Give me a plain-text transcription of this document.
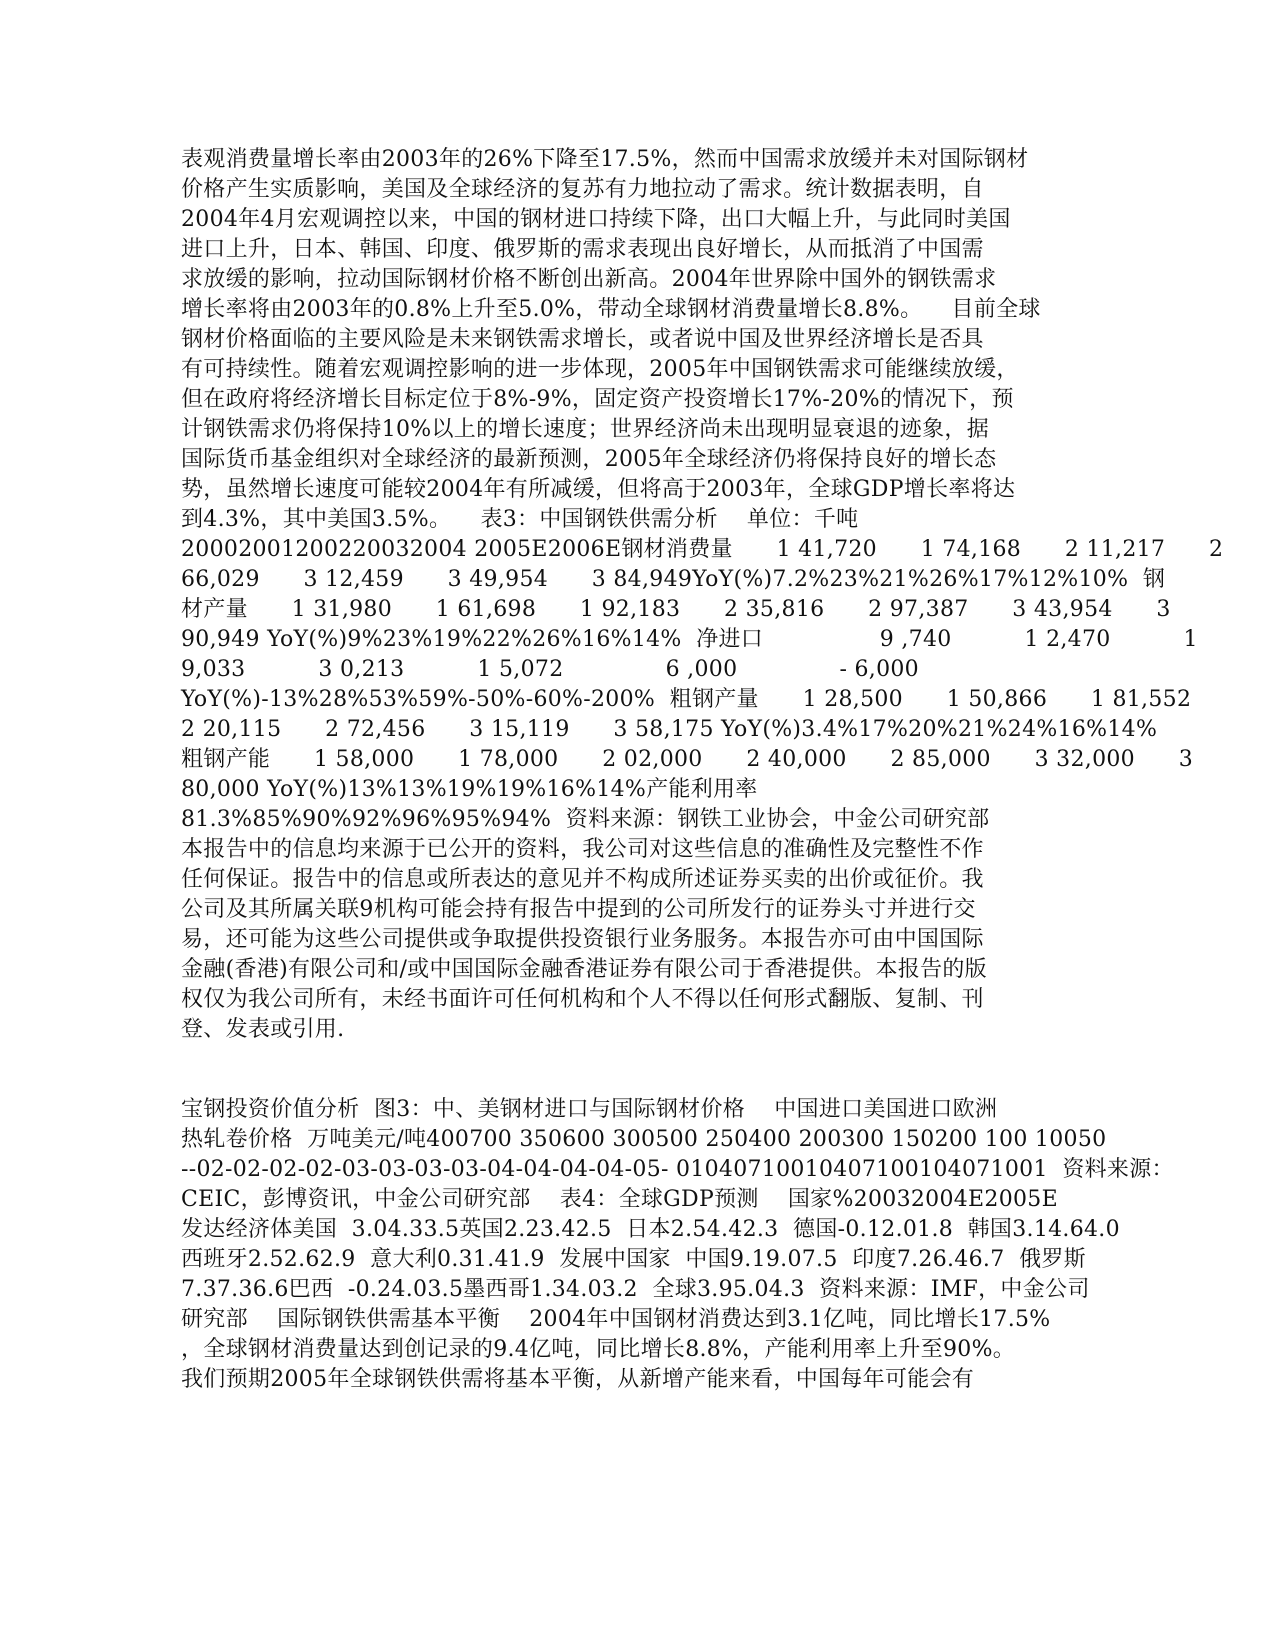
表观消费量增长率由2003年的26%下降至17.5%，然而中国需求放缓并未对国际钢材
价格产生实质影响，美国及全球经济的复苏有力地拉动了需求。统计数据表明，自
2004年4月宏观调控以来，中国的钢材进口持续下降，出口大幅上升，与此同时美国
进口上升，日本、韩国、印度、俄罗斯的需求表现出良好增长，从而抵消了中国需
求放缓的影响，拉动国际钢材价格不断创出新高。2004年世界除中国外的钢铁需求
增长率将由2003年的0.8%上升至5.0%，带动全球钢材消费量增长8.8%。    目前全球
钢材价格面临的主要风险是未来钢铁需求增长，或者说中国及世界经济增长是否具
有可持续性。随着宏观调控影响的进一步体现，2005年中国钢铁需求可能继续放缓，
但在政府将经济增长目标定位于8%-9%，固定资产投资增长17%-20%的情况下，预
计钢铁需求仍将保持10%以上的增长速度；世界经济尚未出现明显衰退的迹象，据
国际货币基金组织对全球经济的最新预测，2005年全球经济仍将保持良好的增长态
势，虽然增长速度可能较2004年有所减缓，但将高于2003年，全球GDP增长率将达
到4.3%，其中美国3.5%。    表3：中国钢铁供需分析    单位：千吨
20002001200220032004 2005E2006E钢材消费量      1 41,720      1 74,168      2 11,217      2
66,029      3 12,459      3 49,954      3 84,949YoY(%)7.2%23%21%26%17%12%10%  钢
材产量      1 31,980      1 61,698      1 92,183      2 35,816      2 97,387      3 43,954      3
90,949 YoY(%)9%23%19%22%26%16%14%  净进口                9 ,740          1 2,470          1
9,033          3 0,213          1 5,072              6 ,000              - 6,000
YoY(%)-13%28%53%59%-50%-60%-200%  粗钢产量      1 28,500      1 50,866      1 81,552
2 20,115      2 72,456      3 15,119      3 58,175 YoY(%)3.4%17%20%21%24%16%14%
粗钢产能      1 58,000      1 78,000      2 02,000      2 40,000      2 85,000      3 32,000      3
80,000 YoY(%)13%13%19%19%16%14%产能利用率
81.3%85%90%92%96%95%94%  资料来源：钢铁工业协会，中金公司研究部
本报告中的信息均来源于已公开的资料，我公司对这些信息的准确性及完整性不作
任何保证。报告中的信息或所表达的意见并不构成所述证券买卖的出价或征价。我
公司及其所属关联9机构可能会持有报告中提到的公司所发行的证券头寸并进行交
易，还可能为这些公司提供或争取提供投资银行业务服务。本报告亦可由中国国际
金融(香港)有限公司和/或中国国际金融香港证券有限公司于香港提供。本报告的版
权仅为我公司所有，未经书面许可任何机构和个人不得以任何形式翻版、复制、刊
登、发表或引用.
宝钢投资价值分析  图3：中、美钢材进口与国际钢材价格    中国进口美国进口欧洲
热轧卷价格  万吨美元/吨400700 350600 300500 250400 200300 150200 100 10050
--02-02-02-02-03-03-03-03-04-04-04-04-05- 01040710010407100104071001  资料来源：
CEIC，彭博资讯，中金公司研究部    表4：全球GDP预测    国家%20032004E2005E
发达经济体美国  3.04.33.5英国2.23.42.5  日本2.54.42.3  德国-0.12.01.8  韩国3.14.64.0
西班牙2.52.62.9  意大利0.31.41.9  发展中国家  中国9.19.07.5  印度7.26.46.7  俄罗斯
7.37.36.6巴西  -0.24.03.5墨西哥1.34.03.2  全球3.95.04.3  资料来源：IMF，中金公司
研究部    国际钢铁供需基本平衡    2004年中国钢材消费达到3.1亿吨，同比增长17.5%
，全球钢材消费量达到创记录的9.4亿吨，同比增长8.8%，产能利用率上升至90%。
我们预期2005年全球钢铁供需将基本平衡，从新增产能来看，中国每年可能会有
